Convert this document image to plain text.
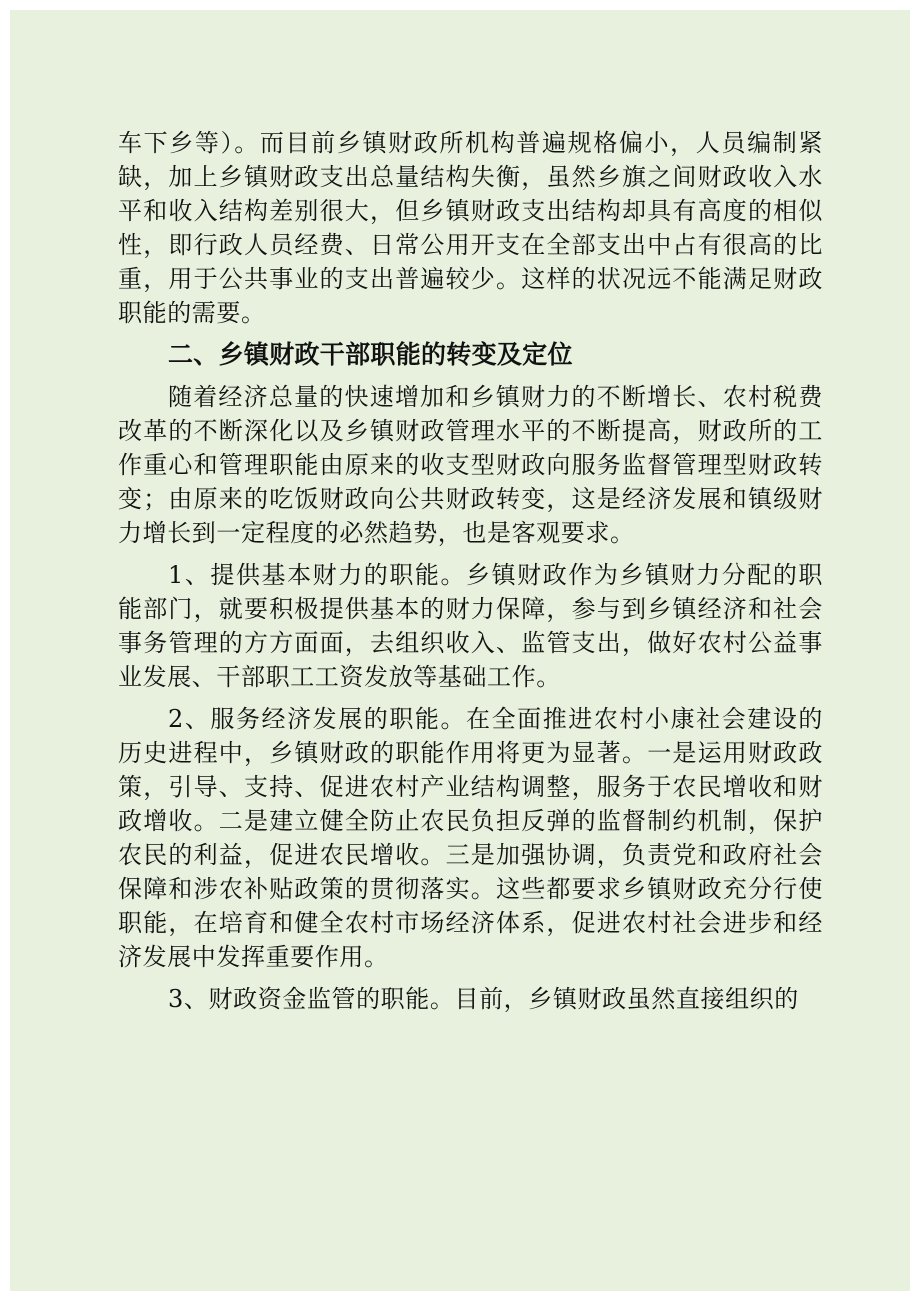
车下乡等）。而目前乡镇财政所机构普遍规格偏小，人员编制紧缺，加上乡镇财政支出总量结构失衡，虽然乡旗之间财政收入水平和收入结构差别很大，但乡镇财政支出结构却具有高度的相似性，即行政人员经费、日常公用开支在全部支出中占有很高的比重，用于公共事业的支出普遍较少。这样的状况远不能满足财政职能的需要。

二、乡镇财政干部职能的转变及定位

随着经济总量的快速增加和乡镇财力的不断增长、农村税费改革的不断深化以及乡镇财政管理水平的不断提高，财政所的工作重心和管理职能由原来的收支型财政向服务监督管理型财政转变；由原来的吃饭财政向公共财政转变，这是经济发展和镇级财力增长到一定程度的必然趋势，也是客观要求。

1、提供基本财力的职能。乡镇财政作为乡镇财力分配的职能部门，就要积极提供基本的财力保障，参与到乡镇经济和社会事务管理的方方面面，去组织收入、监管支出，做好农村公益事业发展、干部职工工资发放等基础工作。

2、服务经济发展的职能。在全面推进农村小康社会建设的历史进程中，乡镇财政的职能作用将更为显著。一是运用财政政策，引导、支持、促进农村产业结构调整，服务于农民增收和财政增收。二是建立健全防止农民负担反弹的监督制约机制，保护农民的利益，促进农民增收。三是加强协调，负责党和政府社会保障和涉农补贴政策的贯彻落实。这些都要求乡镇财政充分行使职能，在培育和健全农村市场经济体系，促进农村社会进步和经济发展中发挥重要作用。

3、财政资金监管的职能。目前，乡镇财政虽然直接组织的
